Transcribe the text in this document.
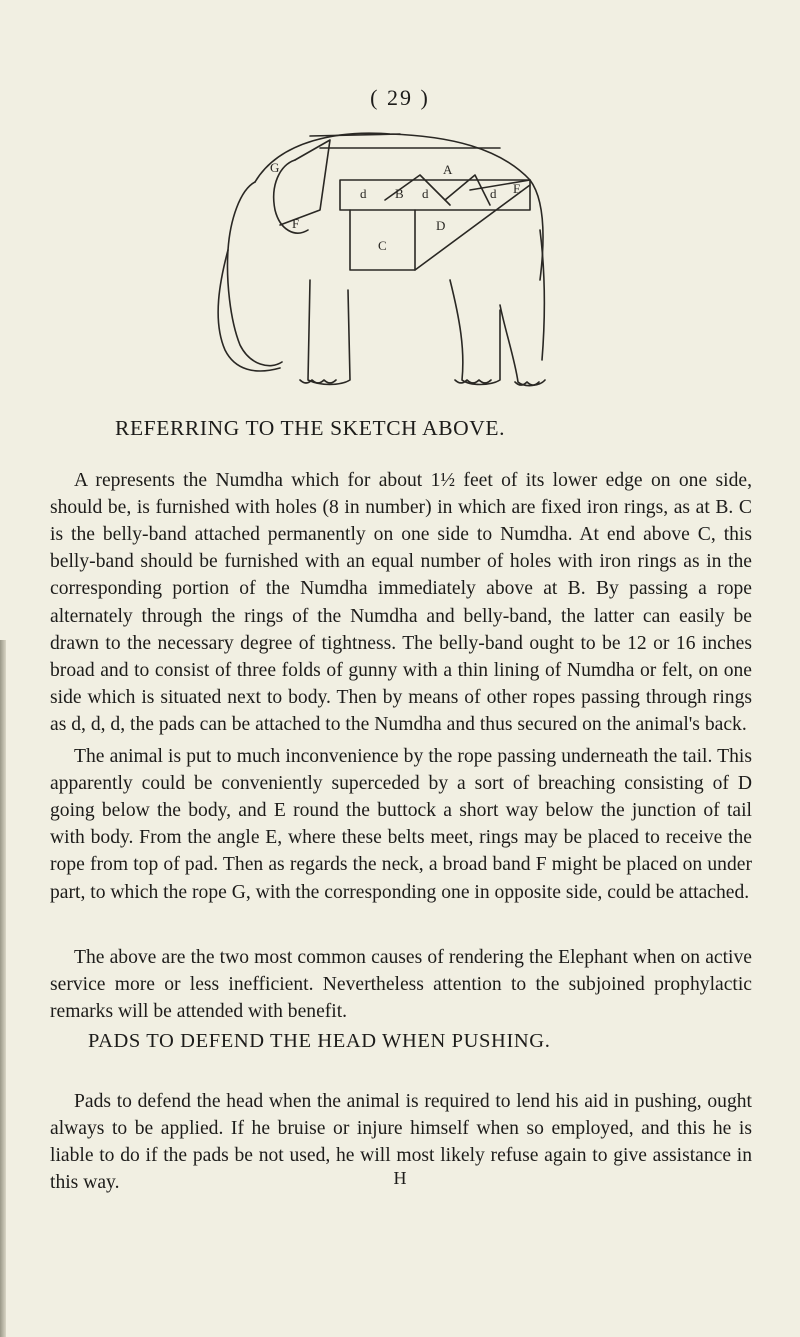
( 29 )
G	A
B
d	d	d E
C
D
F
REFERRING TO THE SKETCH ABOVE.

A represents the Numdha which for about 1½ feet of its lower edge on one side, should be, is furnished with holes (8 in number) in which are fixed iron rings, as at B. C is the belly-band attached permanently on one side to Numdha. At end above C, this belly-band should be furnished with an equal number of holes with iron rings as in the corresponding portion of the Numdha immediately above at B. By passing a rope alternately through the rings of the Numdha and belly-band, the latter can easily be drawn to the necessary degree of tightness. The belly-band ought to be 12 or 16 inches broad and to consist of three folds of gunny with a thin lining of Numdha or felt, on one side which is situated next to body. Then by means of other ropes passing through rings as d, d, d, the pads can be attached to the Numdha and thus secured on the animal's back.

The animal is put to much inconvenience by the rope passing underneath the tail. This apparently could be conveniently superceded by a sort of breaching consisting of D going below the body, and E round the buttock a short way below the junction of tail with body. From the angle E, where these belts meet, rings may be placed to receive the rope from top of pad. Then as regards the neck, a broad band F might be placed on under part, to which the rope G, with the corresponding one in opposite side, could be attached.

The above are the two most common causes of rendering the Elephant when on active service more or less inefficient. Nevertheless attention to the subjoined prophylactic remarks will be attended with benefit.

PADS TO DEFEND THE HEAD WHEN PUSHING.

Pads to defend the head when the animal is required to lend his aid in pushing, ought always to be applied. If he bruise or injure himself when so employed, and this he is liable to do if the pads be not used, he will most likely refuse again to give assistance in this way.	H
